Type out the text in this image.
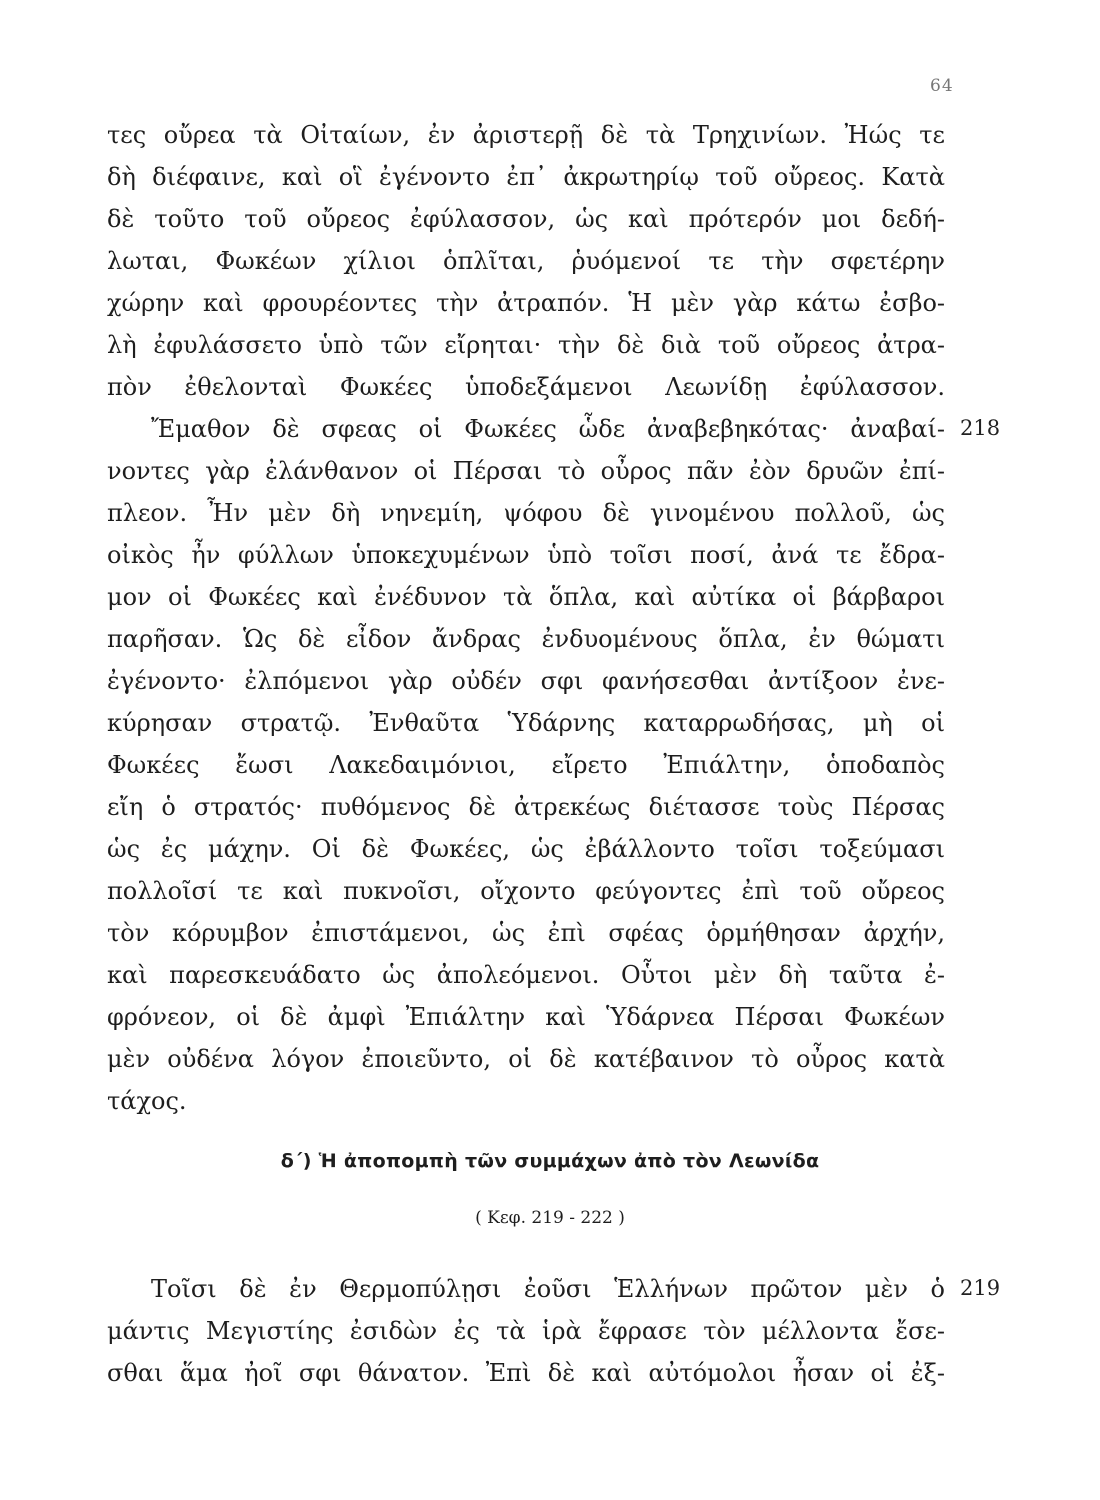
64
τες οὔρεα τὰ Οἰταίων, ἐν ἀριστερῇ δὲ τὰ Τρηχινίων. Ἠώς τε
δὴ διέφαινε, καὶ οἳ ἐγένοντο ἐπ᾽ ἀκρωτηρίῳ τοῦ οὔρεος. Κατὰ
δὲ τοῦτο τοῦ οὔρεος ἐφύλασσον, ὡς καὶ πρότερόν μοι δεδή-
λωται, Φωκέων χίλιοι ὁπλῖται, ῥυόμενοί τε τὴν σφετέρην
χώρην καὶ φρουρέοντες τὴν ἀτραπόν. Ἡ μὲν γὰρ κάτω ἐσβο-
λὴ ἐφυλάσσετο ὑπὸ τῶν εἴρηται· τὴν δὲ διὰ τοῦ οὔρεος ἀτρα-
πὸν ἐθελονταὶ Φωκέες ὑποδεξάμενοι Λεωνίδῃ ἐφύλασσον.
Ἔμαθον δὲ σφεας οἱ Φωκέες ὧδε ἀναβεβηκότας· ἀναβαί-
νοντες γὰρ ἐλάνθανον οἱ Πέρσαι τὸ οὖρος πᾶν ἐὸν δρυῶν ἐπί-
πλεον. Ἦν μὲν δὴ νηνεμίη, ψόφου δὲ γινομένου πολλοῦ, ὡς
οἰκὸς ἦν φύλλων ὑποκεχυμένων ὑπὸ τοῖσι ποσί, ἀνά τε ἔδρα-
μον οἱ Φωκέες καὶ ἐνέδυνον τὰ ὅπλα, καὶ αὐτίκα οἱ βάρβαροι
παρῆσαν. Ὡς δὲ εἶδον ἄνδρας ἐνδυομένους ὅπλα, ἐν θώματι
ἐγένοντο· ἐλπόμενοι γὰρ οὐδέν σφι φανήσεσθαι ἀντίξοον ἐνε-
κύρησαν στρατῷ. Ἐνθαῦτα Ὑδάρνης καταρρωδήσας, μὴ οἱ
Φωκέες ἔωσι Λακεδαιμόνιοι, εἴρετο Ἐπιάλτην, ὁποδαπὸς
εἴη ὁ στρατός· πυθόμενος δὲ ἀτρεκέως διέτασσε τοὺς Πέρσας
ὡς ἐς μάχην. Οἱ δὲ Φωκέες, ὡς ἐβάλλοντο τοῖσι τοξεύμασι
πολλοῖσί τε καὶ πυκνοῖσι, οἴχοντο φεύγοντες ἐπὶ τοῦ οὔρεος
τὸν κόρυμβον ἐπιστάμενοι, ὡς ἐπὶ σφέας ὁρμήθησαν ἀρχήν,
καὶ παρεσκευάδατο ὡς ἀπολεόμενοι. Οὗτοι μὲν δὴ ταῦτα ἐ-
φρόνεον, οἱ δὲ ἀμφὶ Ἐπιάλτην καὶ Ὑδάρνεα Πέρσαι Φωκέων
μὲν οὐδένα λόγον ἐποιεῦντο, οἱ δὲ κατέβαινον τὸ οὖρος κατὰ
τάχος.
218
δ΄) Ἡ ἀποπομπὴ τῶν συμμάχων ἀπὸ τὸν Λεωνίδα
( Κεφ. 219 - 222 )
Τοῖσι δὲ ἐν Θερμοπύλῃσι ἐοῦσι Ἑλλήνων πρῶτον μὲν ὁ
μάντις Μεγιστίης ἐσιδὼν ἐς τὰ ἱρὰ ἔφρασε τὸν μέλλοντα ἔσε-
σθαι ἅμα ἠοῖ σφι θάνατον. Ἐπὶ δὲ καὶ αὐτόμολοι ἦσαν οἱ ἐξ-
219
